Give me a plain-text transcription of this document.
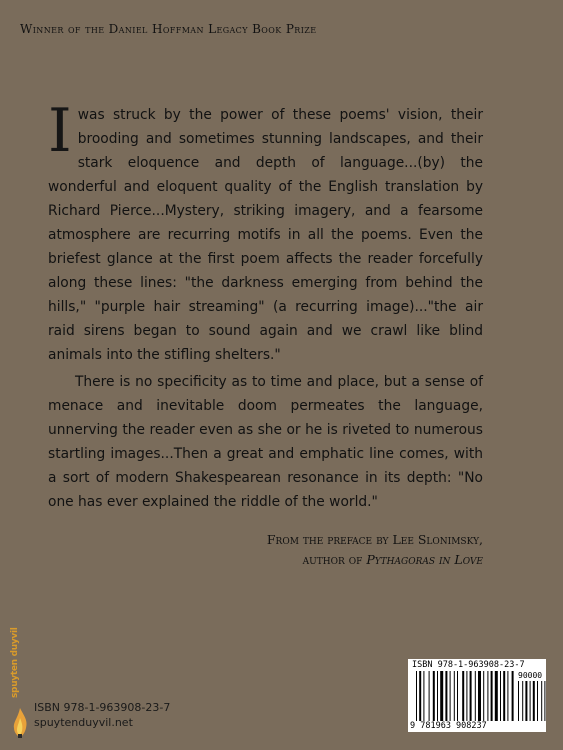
Winner of the Daniel Hoffman Legacy Book Prize

Iwas struck by the power of these poems' vision, their brooding and sometimes stunning landscapes, and their stark eloquence and depth of language...(by) the wonderful and eloquent quality of the English translation by Richard Pierce...Mystery, striking imagery, and a fearsome atmosphere are recurring motifs in all the poems. Even the briefest glance at the first poem affects the reader forcefully along these lines: "the darkness emerging from behind the hills," "purple hair streaming" (a recurring image)..."the air raid sirens began to sound again and we crawl like blind animals into the stifling shelters."

There is no specificity as to time and place, but a sense of menace and inevitable doom permeates the language, unnerving the reader even as she or he is riveted to numerous startling images...Then a great and emphatic line comes, with a sort of modern Shakespearean resonance in its depth: "No one has ever explained the riddle of the world."

From the preface by Lee Slonimsky,
author of Pythagoras in Love
spuyten duyvil
ISBN 978-1-963908-23-7
spuytenduyvil.net
ISBN 978-1-963908-23-7
90000
9 781963 908237
